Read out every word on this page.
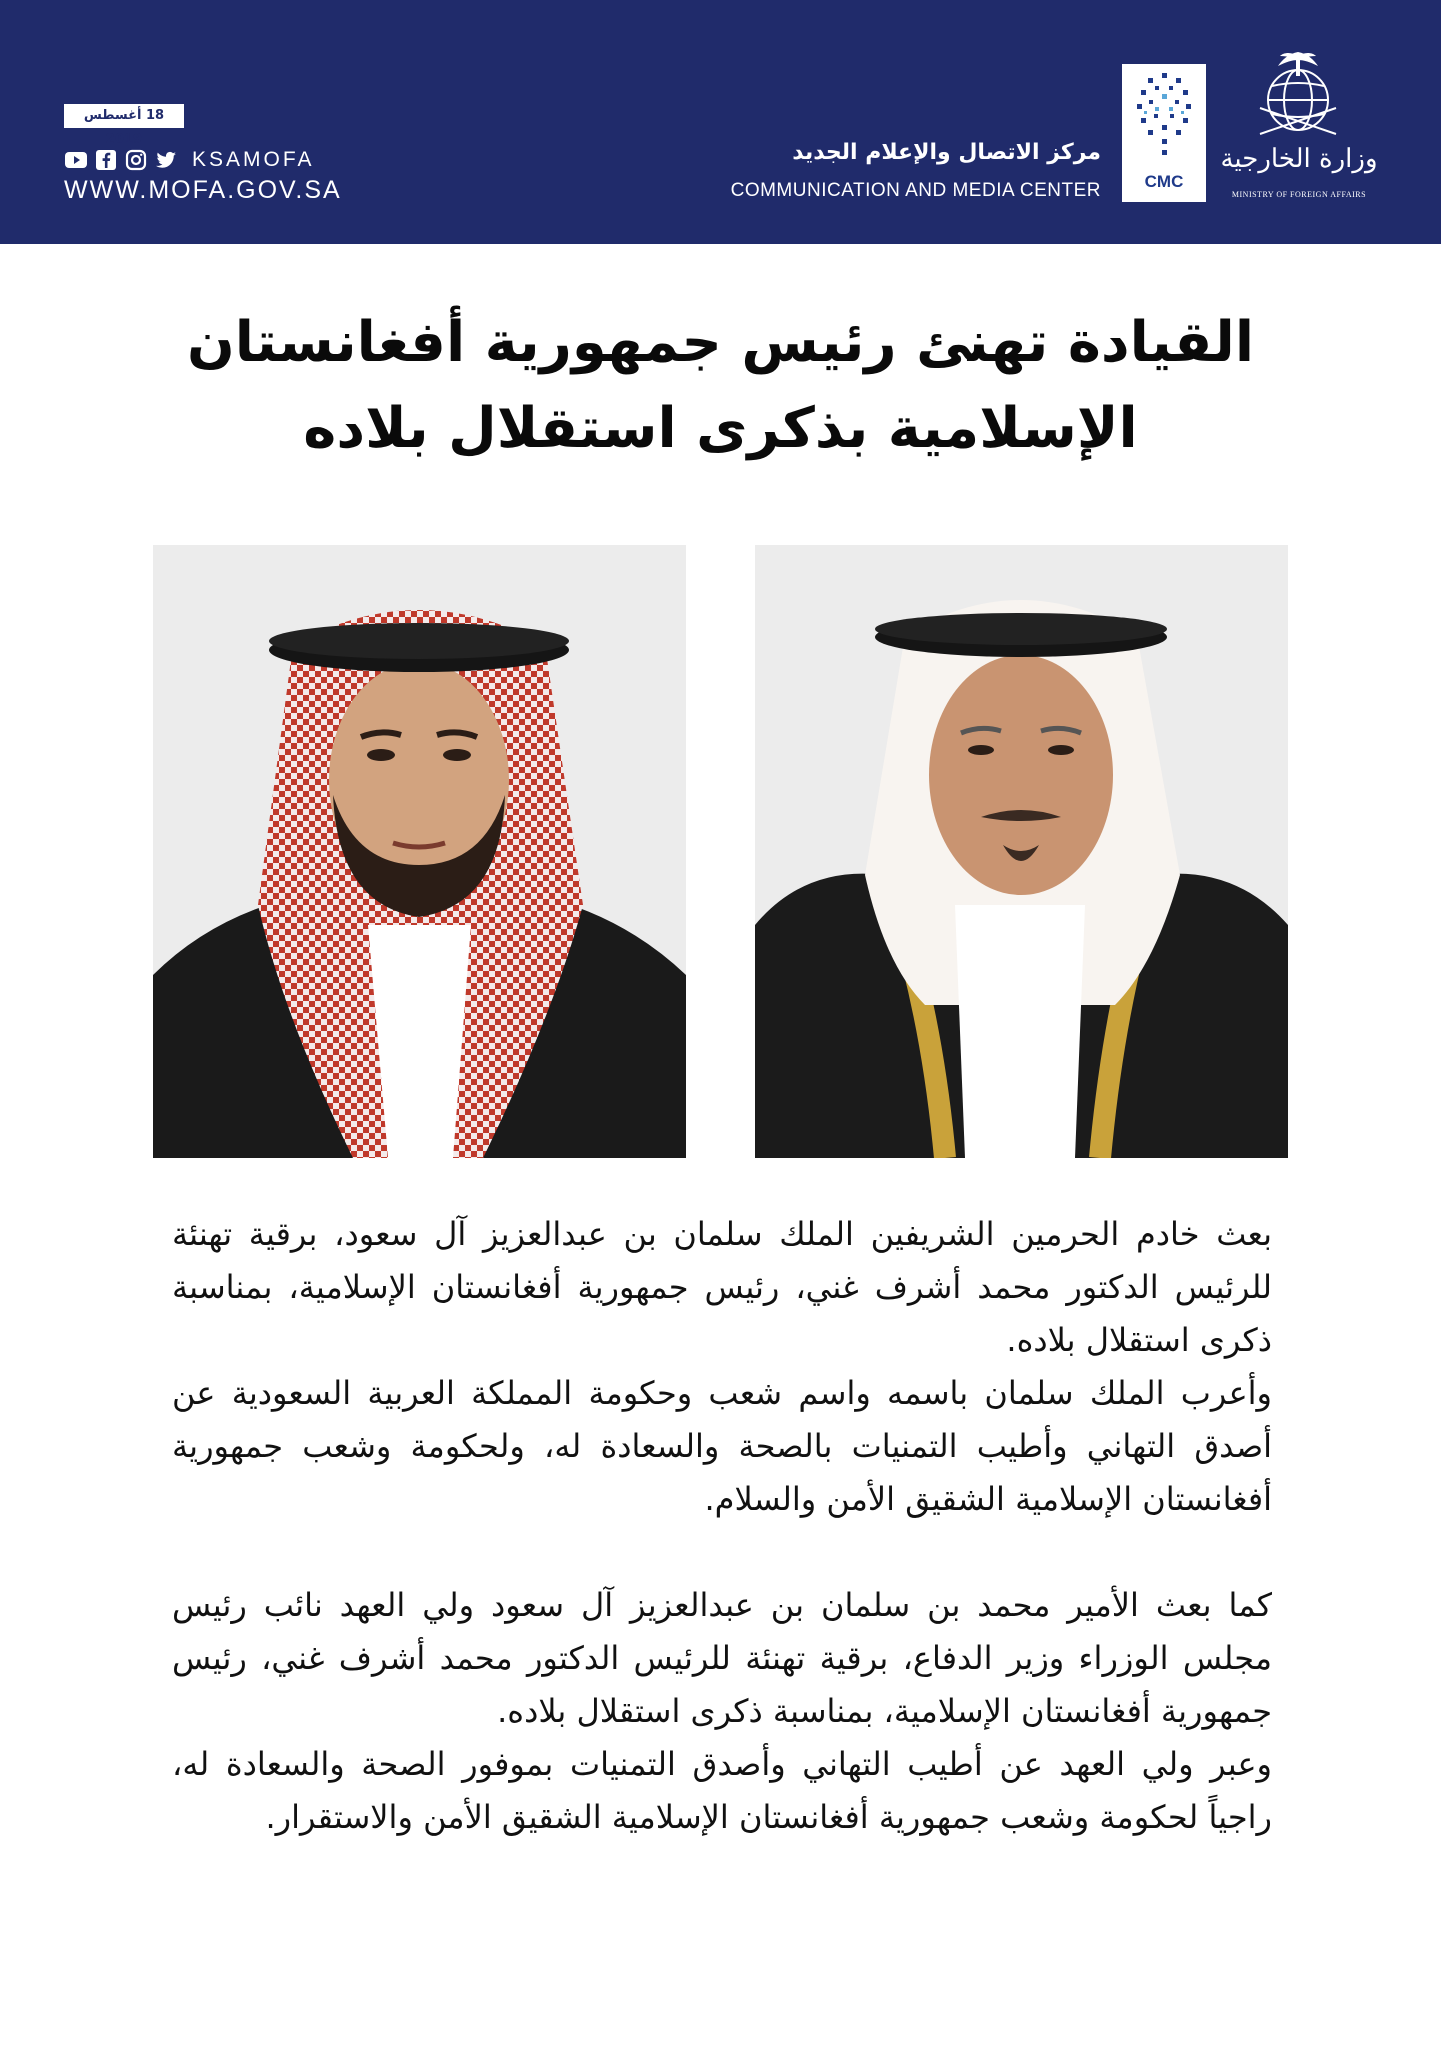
18 أغسطس 2019
KSAMOFA
WWW.MOFA.GOV.SA
مركز الاتصال والإعلام الجديد
COMMUNICATION AND MEDIA CENTER	CMC
وزارة الخارجية
MINISTRY OF FOREIGN AFFAIRS
القيادة تهنئ رئيس جمهورية أفغانستان
الإسلامية بذكرى استقلال بلاده

بعث خادم الحرمين الشريفين الملك سلمان بن عبدالعزيز آل سعود، برقية تهنئة للرئيس الدكتور محمد أشرف غني، رئيس جمهورية أفغانستان الإسلامية، بمناسبة ذكرى استقلال بلاده.

وأعرب الملك سلمان باسمه واسم شعب وحكومة المملكة العربية السعودية عن أصدق التهاني وأطيب التمنيات بالصحة والسعادة له، ولحكومة وشعب جمهورية أفغانستان الإسلامية الشقيق الأمن والسلام.

كما بعث الأمير محمد بن سلمان بن عبدالعزيز آل سعود ولي العهد نائب رئيس مجلس الوزراء وزير الدفاع، برقية تهنئة للرئيس الدكتور محمد أشرف غني، رئيس جمهورية أفغانستان الإسلامية، بمناسبة ذكرى استقلال بلاده.

وعبر ولي العهد عن أطيب التهاني وأصدق التمنيات بموفور الصحة والسعادة له، راجياً لحكومة وشعب جمهورية أفغانستان الإسلامية الشقيق الأمن والاستقرار.
